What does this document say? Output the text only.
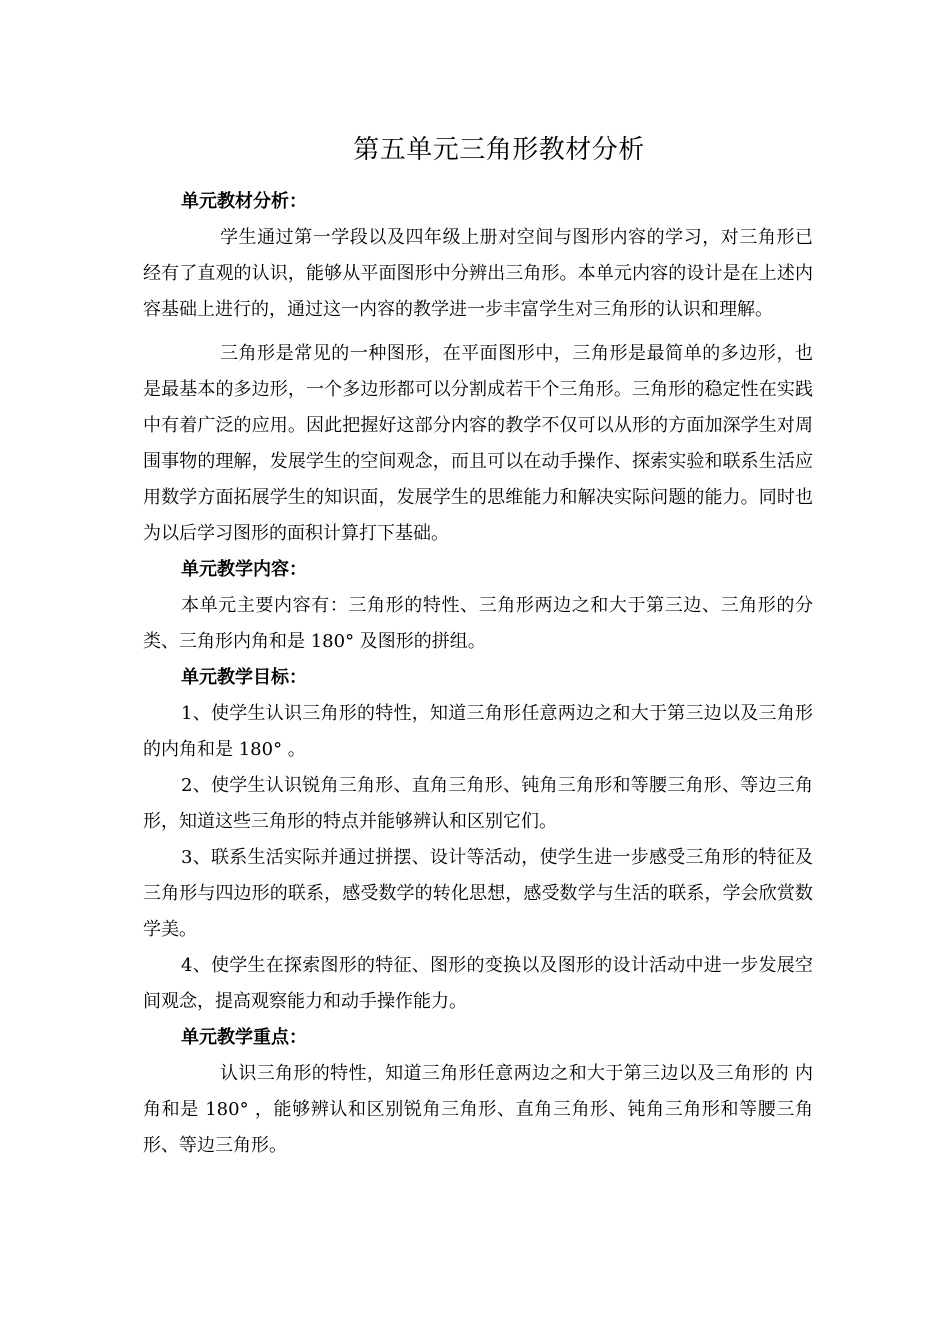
第五单元三角形教材分析

单元教材分析：

学生通过第一学段以及四年级上册对空间与图形内容的学习，对三角形已经有了直观的认识，能够从平面图形中分辨出三角形。本单元内容的设计是在上述内容基础上进行的，通过这一内容的教学进一步丰富学生对三角形的认识和理解。

三角形是常见的一种图形，在平面图形中，三角形是最简单的多边形，也是最基本的多边形，一个多边形都可以分割成若干个三角形。三角形的稳定性在实践中有着广泛的应用。因此把握好这部分内容的教学不仅可以从形的方面加深学生对周围事物的理解，发展学生的空间观念，而且可以在动手操作、探索实验和联系生活应用数学方面拓展学生的知识面，发展学生的思维能力和解决实际问题的能力。同时也为以后学习图形的面积计算打下基础。

单元教学内容：

本单元主要内容有：三角形的特性、三角形两边之和大于第三边、三角形的分类、三角形内角和是 180° 及图形的拼组。

单元教学目标：

1、使学生认识三角形的特性，知道三角形任意两边之和大于第三边以及三角形的内角和是 180° 。

2、使学生认识锐角三角形、直角三角形、钝角三角形和等腰三角形、等边三角形，知道这些三角形的特点并能够辨认和区别它们。

3、联系生活实际并通过拼摆、设计等活动，使学生进一步感受三角形的特征及三角形与四边形的联系，感受数学的转化思想，感受数学与生活的联系，学会欣赏数学美。

4、使学生在探索图形的特征、图形的变换以及图形的设计活动中进一步发展空间观念，提高观察能力和动手操作能力。

单元教学重点：

认识三角形的特性，知道三角形任意两边之和大于第三边以及三角形的 内角和是 180° ，能够辨认和区别锐角三角形、直角三角形、钝角三角形和等腰三角形、等边三角形。
